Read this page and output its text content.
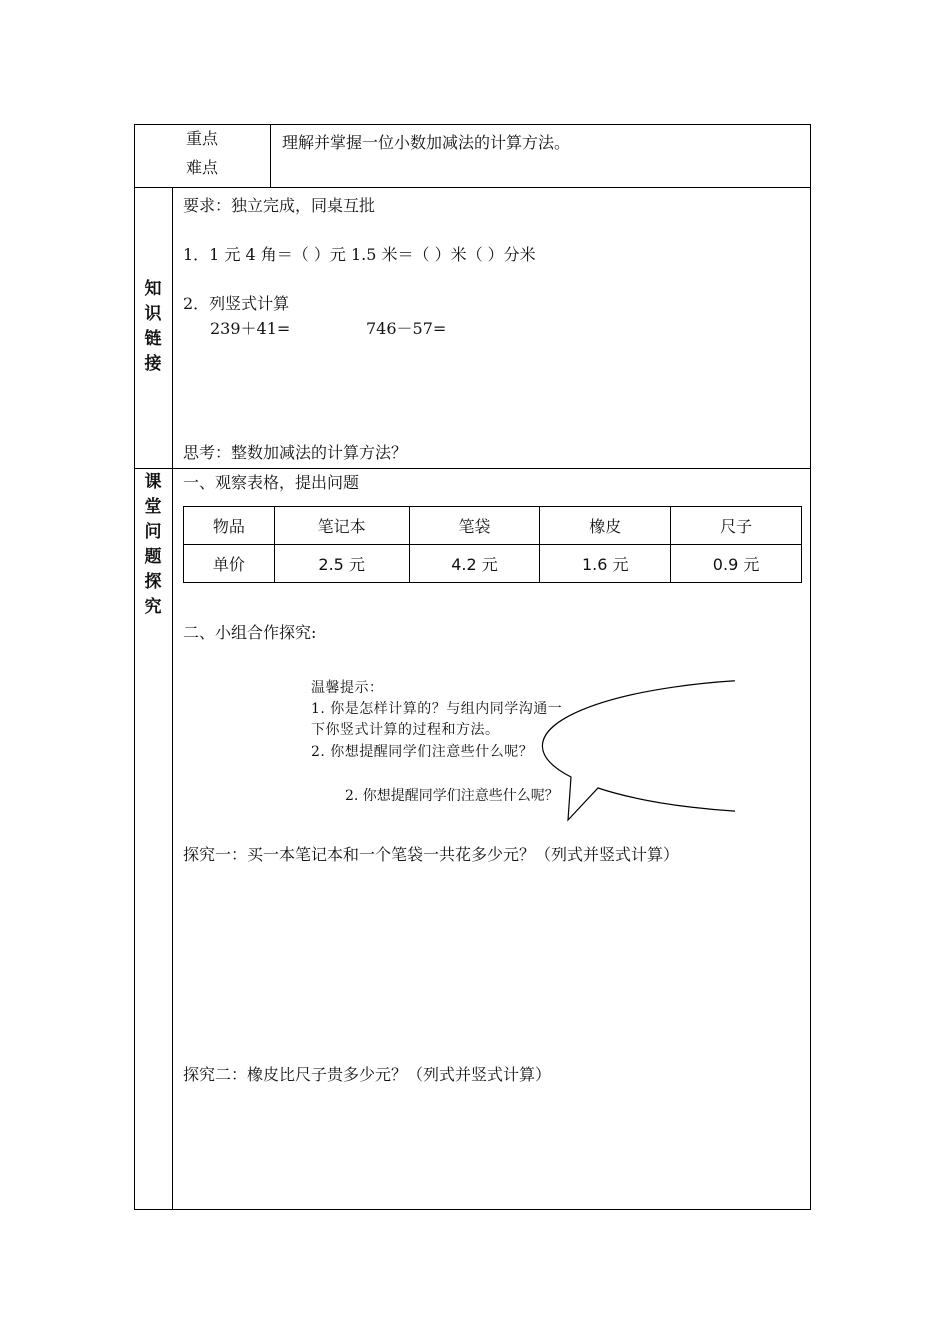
重点
难点
理解并掌握一位小数加减法的计算方法。
知
识
链
接
要求：独立完成，同桌互批
1．1 元 4 角＝（ ）元 1.5 米＝（ ）米（ ）分米
2．列竖式计算
239＋41=	746－57=
思考：整数加减法的计算方法？
课
堂
问
题
探
究
一、观察表格，提出问题
物品	笔记本	笔袋	橡皮	尺子
单价	2.5 元	4.2 元	1.6 元	0.9 元
二、小组合作探究:
温馨提示：
1. 你是怎样计算的？与组内同学沟通一
下你竖式计算的过程和方法。
2. 你想提醒同学们注意些什么呢？
2. 你想提醒同学们注意些什么呢？
探究一：买一本笔记本和一个笔袋一共花多少元？（列式并竖式计算）
探究二：橡皮比尺子贵多少元？（列式并竖式计算）
